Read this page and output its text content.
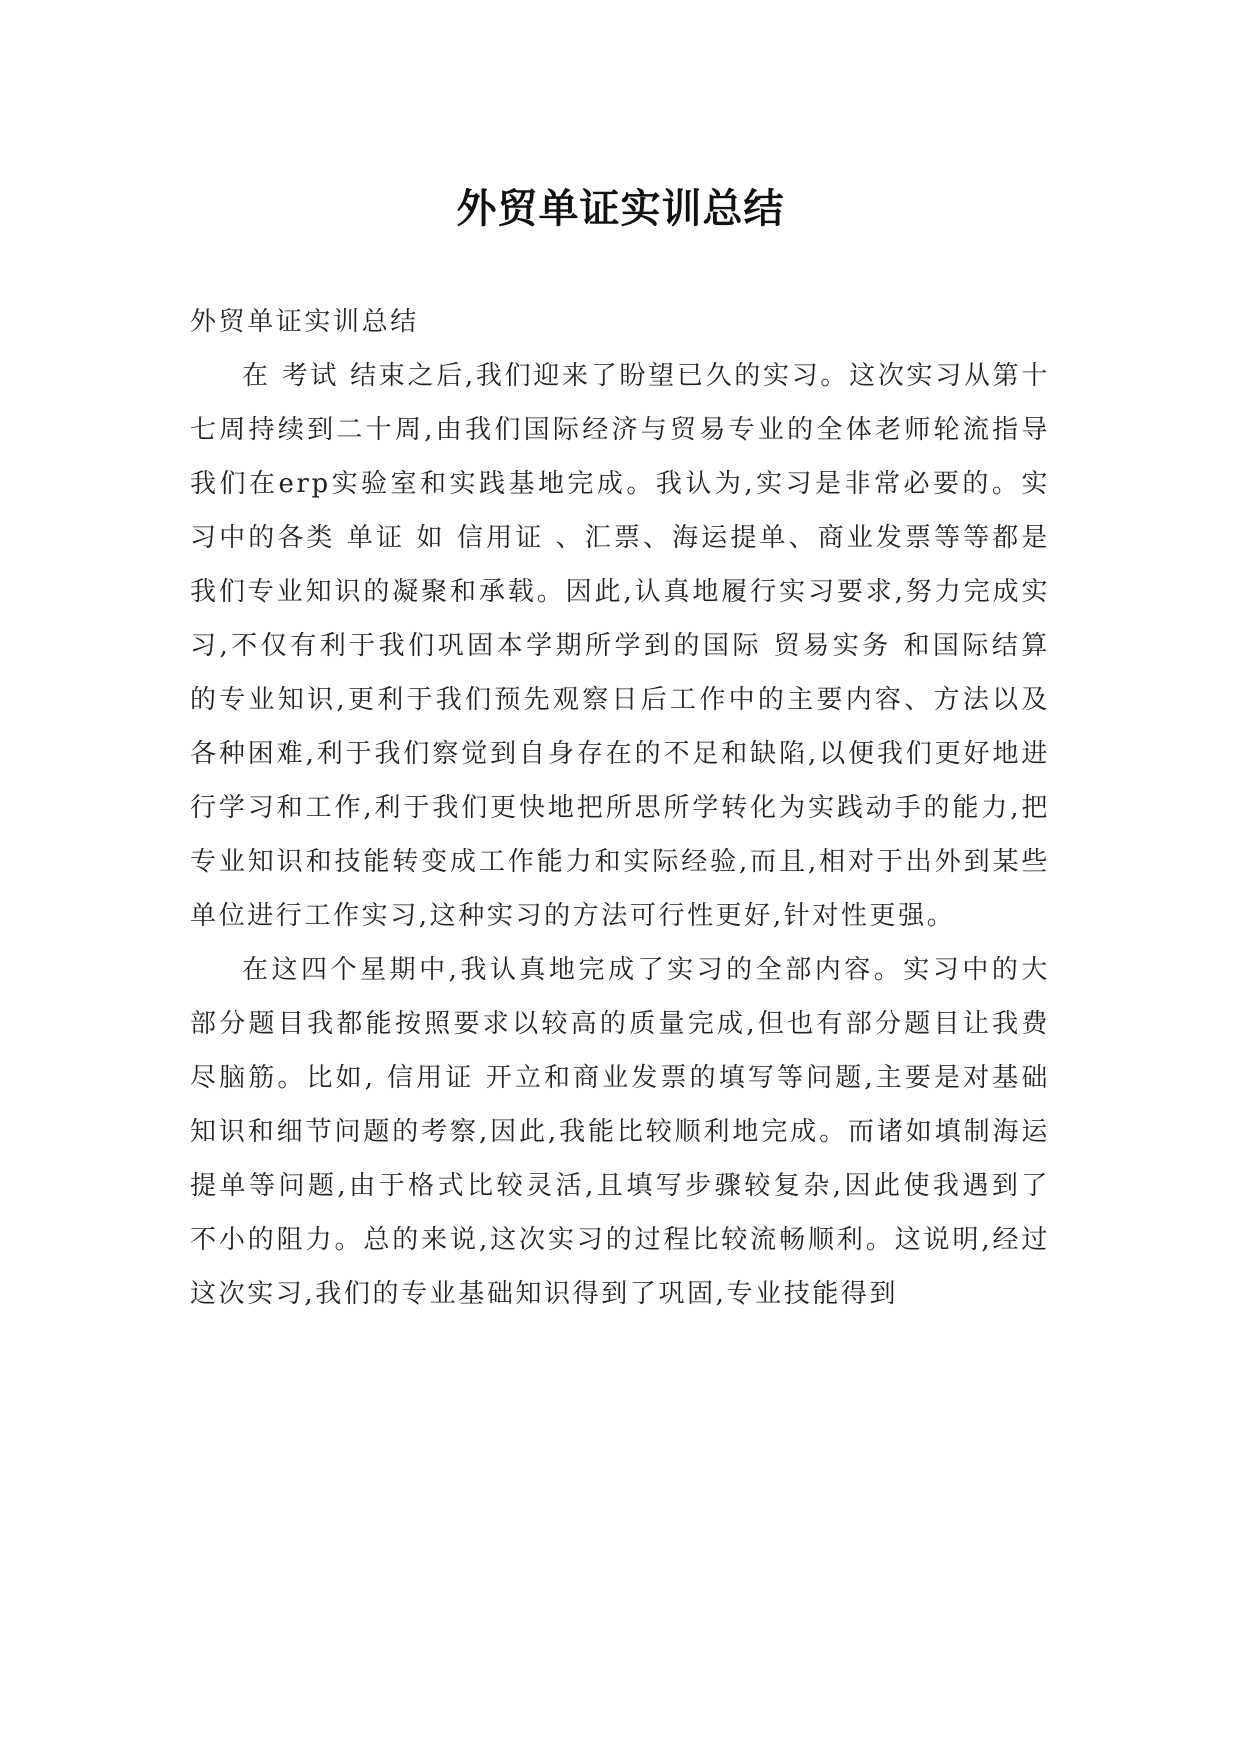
外贸单证实训总结

外贸单证实训总结

在 考试 结束之后,我们迎来了盼望已久的实习。这次实习从第十七周持续到二十周,由我们国际经济与贸易专业的全体老师轮流指导我们在erp实验室和实践基地完成。我认为,实习是非常必要的。实习中的各类 单证 如 信用证 、汇票、海运提单、商业发票等等都是我们专业知识的凝聚和承载。因此,认真地履行实习要求,努力完成实习,不仅有利于我们巩固本学期所学到的国际 贸易实务 和国际结算的专业知识,更利于我们预先观察日后工作中的主要内容、方法以及各种困难,利于我们察觉到自身存在的不足和缺陷,以便我们更好地进行学习和工作,利于我们更快地把所思所学转化为实践动手的能力,把专业知识和技能转变成工作能力和实际经验,而且,相对于出外到某些单位进行工作实习,这种实习的方法可行性更好,针对性更强。

在这四个星期中,我认真地完成了实习的全部内容。实习中的大部分题目我都能按照要求以较高的质量完成,但也有部分题目让我费尽脑筋。比如, 信用证 开立和商业发票的填写等问题,主要是对基础知识和细节问题的考察,因此,我能比较顺利地完成。而诸如填制海运提单等问题,由于格式比较灵活,且填写步骤较复杂,因此使我遇到了不小的阻力。总的来说,这次实习的过程比较流畅顺利。这说明,经过这次实习,我们的专业基础知识得到了巩固,专业技能得到
